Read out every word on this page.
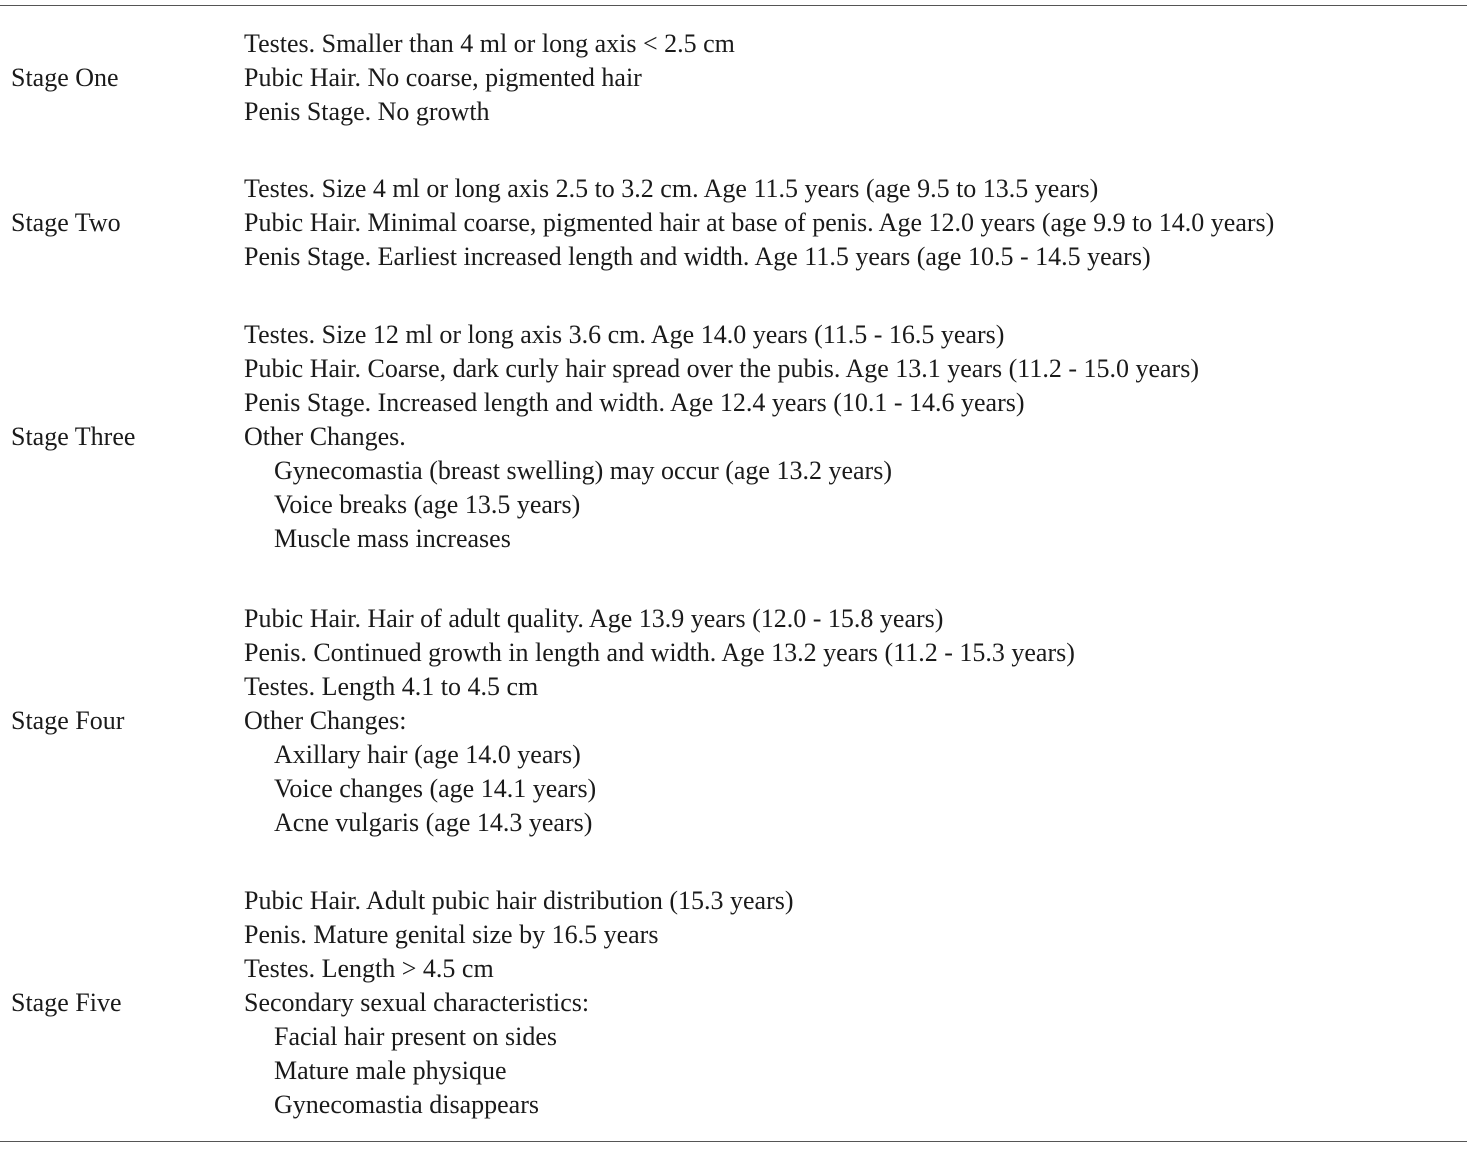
Stage One
Testes. Smaller than 4 ml or long axis < 2.5 cm
Pubic Hair. No coarse, pigmented hair
Penis Stage. No growth
Stage Two
Testes. Size 4 ml or long axis 2.5 to 3.2 cm. Age 11.5 years (age 9.5 to 13.5 years)
Pubic Hair. Minimal coarse, pigmented hair at base of penis. Age 12.0 years (age 9.9 to 14.0 years)
Penis Stage. Earliest increased length and width. Age 11.5 years (age 10.5 - 14.5 years)
Stage Three
Testes. Size 12 ml or long axis 3.6 cm. Age 14.0 years (11.5 - 16.5 years)
Pubic Hair. Coarse, dark curly hair spread over the pubis. Age 13.1 years (11.2 - 15.0 years)
Penis Stage. Increased length and width. Age 12.4 years (10.1 - 14.6 years)
Other Changes.
Gynecomastia (breast swelling) may occur (age 13.2 years)
Voice breaks (age 13.5 years)
Muscle mass increases
Stage Four
Pubic Hair. Hair of adult quality. Age 13.9 years (12.0 - 15.8 years)
Penis. Continued growth in length and width. Age 13.2 years (11.2 - 15.3 years)
Testes. Length 4.1 to 4.5 cm
Other Changes:
Axillary hair (age 14.0 years)
Voice changes (age 14.1 years)
Acne vulgaris (age 14.3 years)
Stage Five
Pubic Hair. Adult pubic hair distribution (15.3 years)
Penis. Mature genital size by 16.5 years
Testes. Length > 4.5 cm
Secondary sexual characteristics:
Facial hair present on sides
Mature male physique
Gynecomastia disappears
